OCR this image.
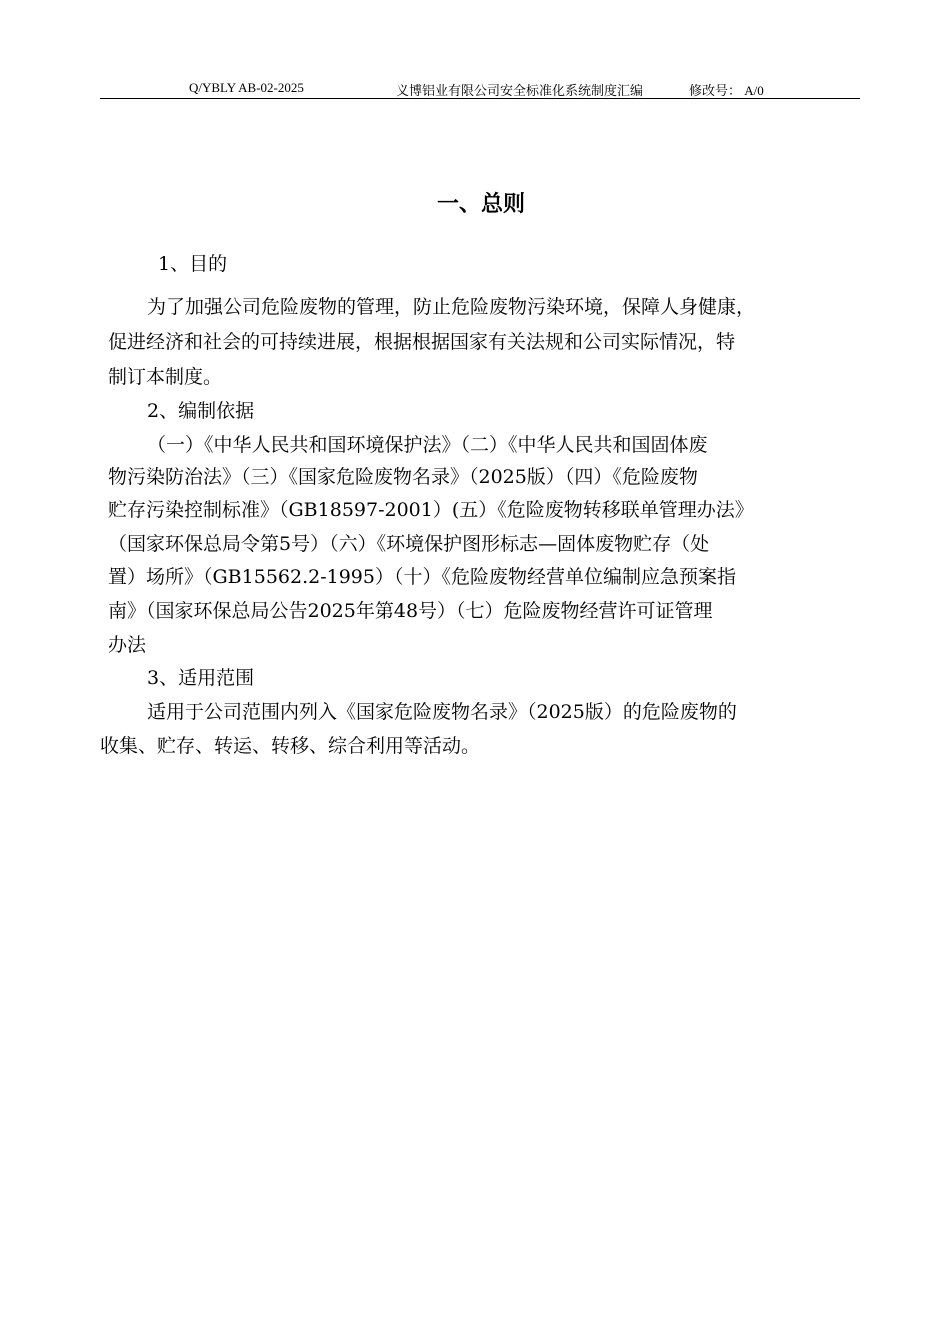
Q/YBLY AB-02-2025	义博铝业有限公司安全标准化系统制度汇编	修改号： A/0
一、总则
1、目的
为了加强公司危险废物的管理，防止危险废物污染环境，保障人身健康，
促进经济和社会的可持续进展，根据根据国家有关法规和公司实际情况，特
制订本制度。
2、编制依据
（一）《中华人民共和国环境保护法》（二）《中华人民共和国固体废
物污染防治法》（三）《国家危险废物名录》（2025版）（四）《危险废物
贮存污染控制标准》（GB18597-2001）(五）《危险废物转移联单管理办法》
（国家环保总局令第5号）（六）《环境保护图形标志—固体废物贮存（处
置）场所》（GB15562.2-1995）（十）《危险废物经营单位编制应急预案指
南》（国家环保总局公告2025年第48号）（七）危险废物经营许可证管理
办法
3、适用范围
适用于公司范围内列入《国家危险废物名录》（2025版）的危险废物的
收集、贮存、转运、转移、综合利用等活动。
